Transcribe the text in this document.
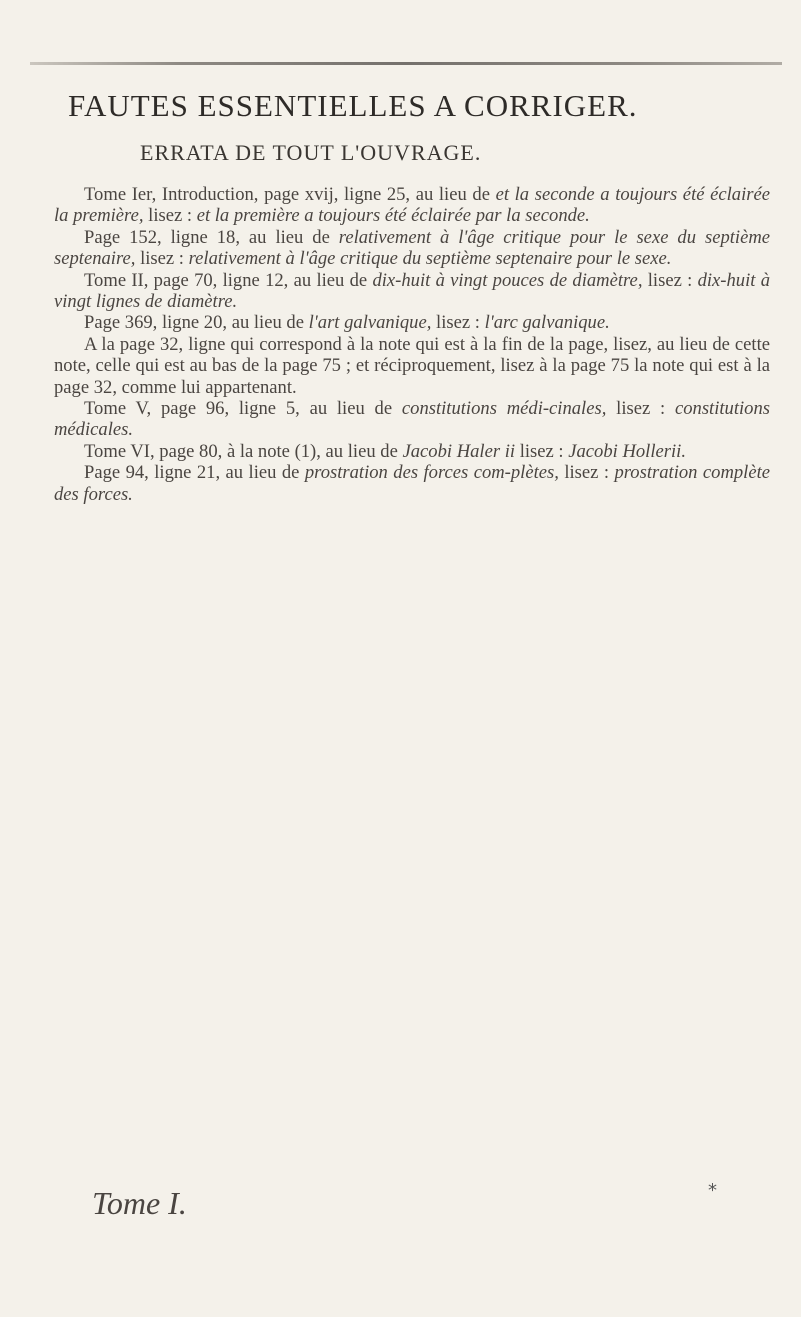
FAUTES ESSENTIELLES A CORRIGER.
ERRATA DE TOUT L'OUVRAGE.

Tome Ier, Introduction, page xvij, ligne 25, au lieu de et la seconde a toujours été éclairée la première, lisez : et la première a toujours été éclairée par la seconde.

Page 152, ligne 18, au lieu de relativement à l'âge critique pour le sexe du septième septenaire, lisez : relativement à l'âge critique du septième septenaire pour le sexe.

Tome II, page 70, ligne 12, au lieu de dix-huit à vingt pouces de diamètre, lisez : dix-huit à vingt lignes de diamètre.

Page 369, ligne 20, au lieu de l'art galvanique, lisez : l'arc galvanique.

A la page 32, ligne qui correspond à la note qui est à la fin de la page, lisez, au lieu de cette note, celle qui est au bas de la page 75 ; et réciproquement, lisez à la page 75 la note qui est à la page 32, comme lui appartenant.

Tome V, page 96, ligne 5, au lieu de constitutions médi-cinales, lisez : constitutions médicales.

Tome VI, page 80, à la note (1), au lieu de Jacobi Haler ii lisez : Jacobi Hollerii.

Page 94, ligne 21, au lieu de prostration des forces com-plètes, lisez : prostration complète des forces.

Tome I.	*
